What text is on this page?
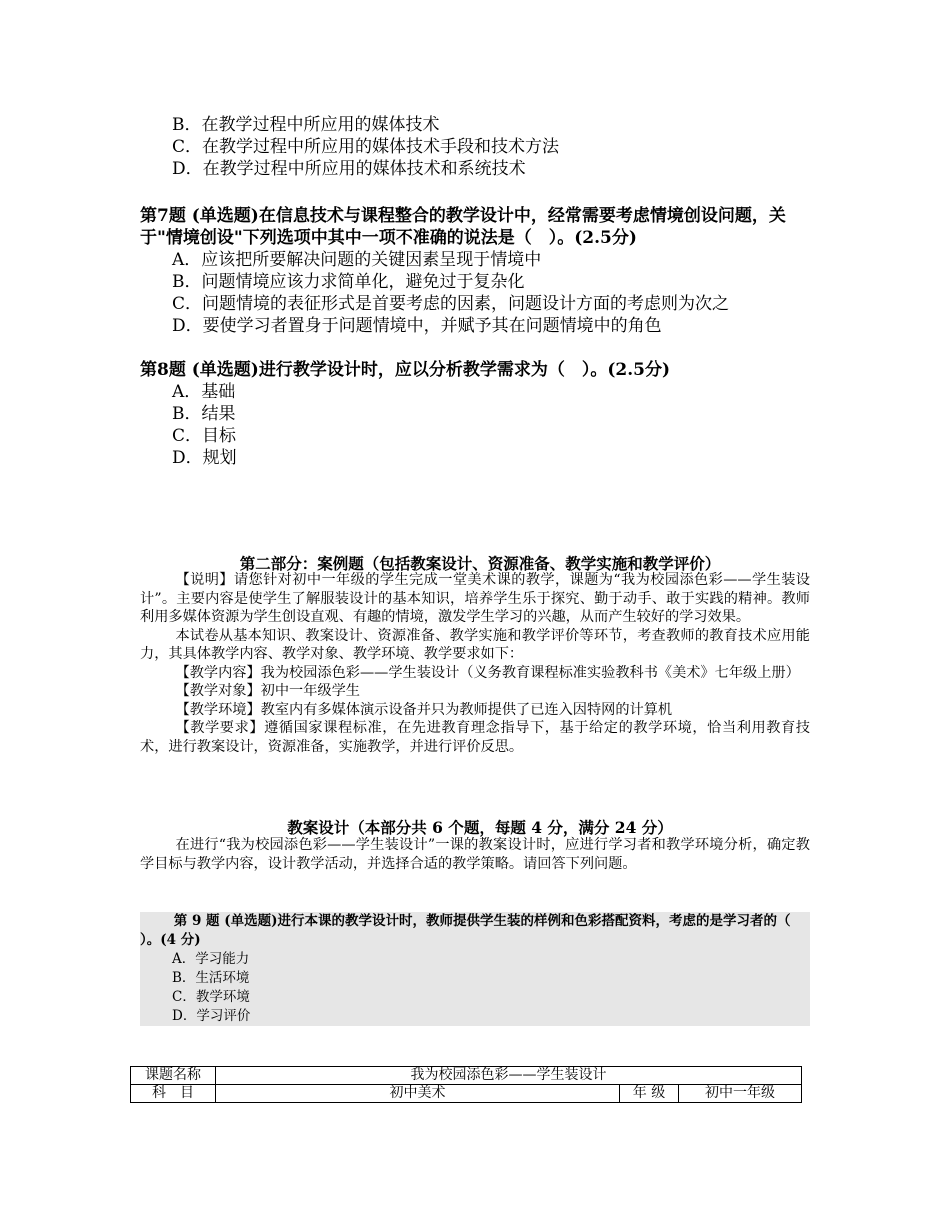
B．在教学过程中所应用的媒体技术
C．在教学过程中所应用的媒体技术手段和技术方法
D．在教学过程中所应用的媒体技术和系统技术
第7题 (单选题)在信息技术与课程整合的教学设计中，经常需要考虑情境创设问题，关于"情境创设"下列选项中其中一项不准确的说法是（　）。(2.5分)
A．应该把所要解决问题的关键因素呈现于情境中
B．问题情境应该力求简单化，避免过于复杂化
C．问题情境的表征形式是首要考虑的因素，问题设计方面的考虑则为次之
D．要使学习者置身于问题情境中，并赋予其在问题情境中的角色
第8题 (单选题)进行教学设计时，应以分析教学需求为（　）。(2.5分)
A．基础
B．结果
C．目标
D．规划
第二部分：案例题（包括教案设计、资源准备、教学实施和教学评价）
【说明】请您针对初中一年级的学生完成一堂美术课的教学，课题为“我为校园添色彩——学生装设计”。主要内容是使学生了解服装设计的基本知识，培养学生乐于探究、勤于动手、敢于实践的精神。教师利用多媒体资源为学生创设直观、有趣的情境，激发学生学习的兴趣，从而产生较好的学习效果。
本试卷从基本知识、教案设计、资源准备、教学实施和教学评价等环节，考查教师的教育技术应用能力，其具体教学内容、教学对象、教学环境、教学要求如下：
【教学内容】我为校园添色彩——学生装设计（义务教育课程标准实验教科书《美术》七年级上册）
【教学对象】初中一年级学生
【教学环境】教室内有多媒体演示设备并只为教师提供了已连入因特网的计算机
【教学要求】遵循国家课程标准，在先进教育理念指导下，基于给定的教学环境，恰当利用教育技术，进行教案设计，资源准备，实施教学，并进行评价反思。
教案设计（本部分共 6 个题，每题 4 分，满分 24 分）
在进行“我为校园添色彩——学生装设计”一课的教案设计时，应进行学习者和教学环境分析，确定教学目标与教学内容，设计教学活动，并选择合适的教学策略。请回答下列问题。
第 9 题 (单选题)进行本课的教学设计时，教师提供学生装的样例和色彩搭配资料，考虑的是学习者的（ ）。(4 分)
A．学习能力
B．生活环境
C．教学环境
D．学习评价
课题名称	我为校园添色彩——学生装设计		
科　目	初中美术	年 级	初中一年级
